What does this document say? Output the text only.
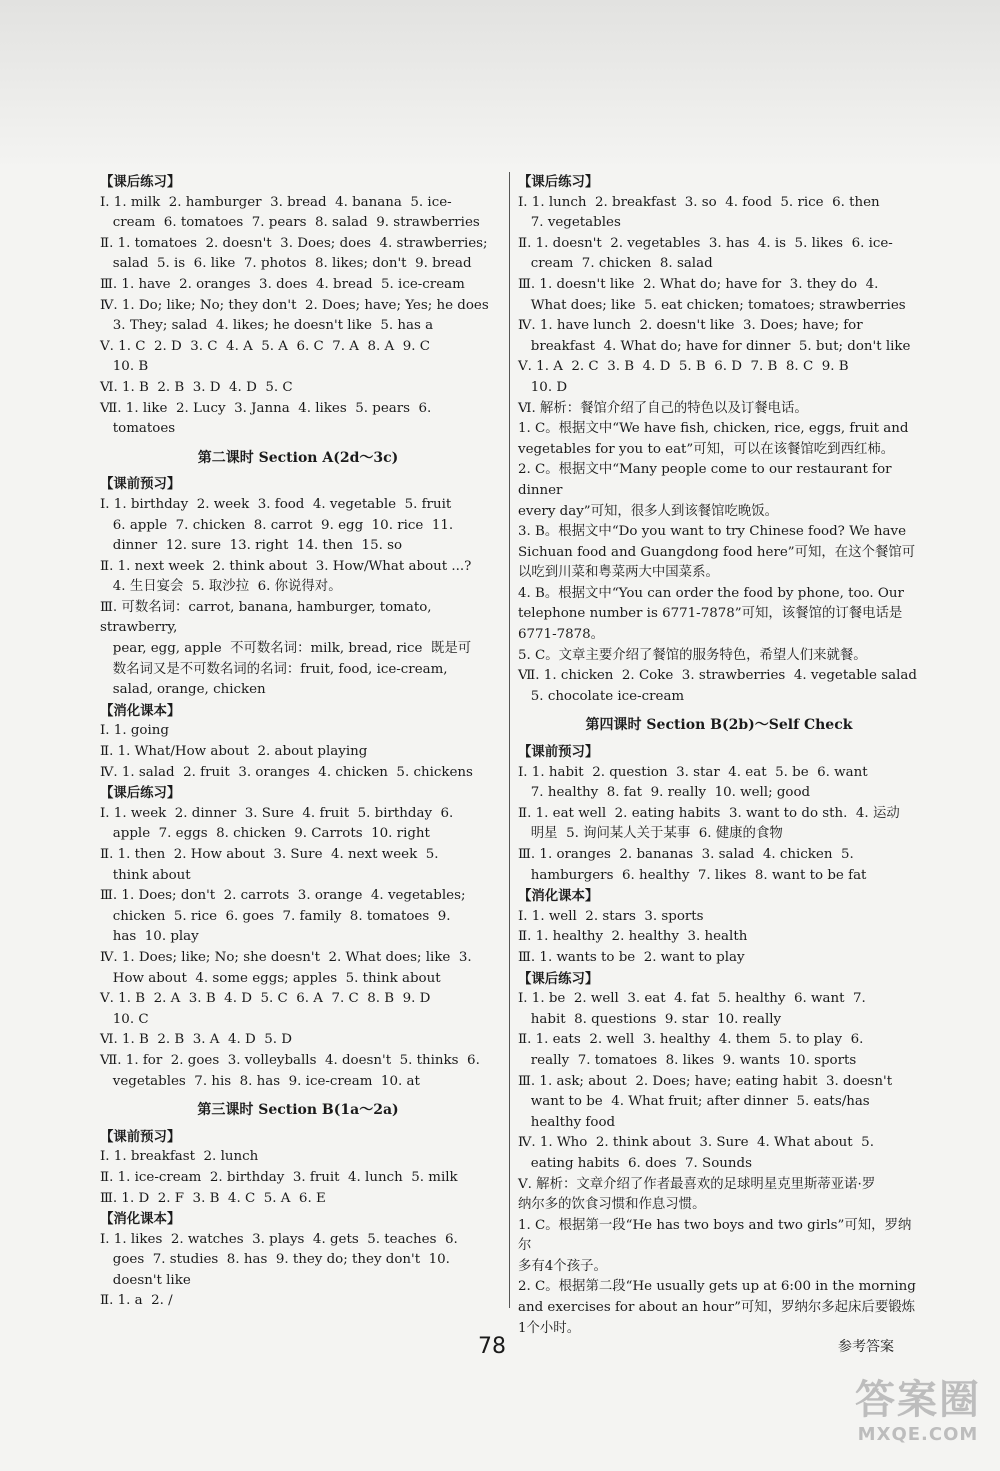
【课后练习】
Ⅰ. 1. milk  2. hamburger  3. bread  4. banana  5. ice-
cream  6. tomatoes  7. pears  8. salad  9. strawberries
Ⅱ. 1. tomatoes  2. doesn't  3. Does; does  4. strawberries;
salad  5. is  6. like  7. photos  8. likes; don't  9. bread
Ⅲ. 1. have  2. oranges  3. does  4. bread  5. ice-cream
Ⅳ. 1. Do; like; No; they don't  2. Does; have; Yes; he does
3. They; salad  4. likes; he doesn't like  5. has a
Ⅴ. 1. C  2. D  3. C  4. A  5. A  6. C  7. A  8. A  9. C
10. B
Ⅵ. 1. B  2. B  3. D  4. D  5. C
Ⅶ. 1. like  2. Lucy  3. Janna  4. likes  5. pears  6.
tomatoes
第二课时 Section A(2d～3c)
【课前预习】
Ⅰ. 1. birthday  2. week  3. food  4. vegetable  5. fruit
6. apple  7. chicken  8. carrot  9. egg  10. rice  11.
dinner  12. sure  13. right  14. then  15. so
Ⅱ. 1. next week  2. think about  3. How/What about ...?
4. 生日宴会  5. 取沙拉  6. 你说得对。
Ⅲ. 可数名词：carrot, banana, hamburger, tomato, strawberry,
pear, egg, apple  不可数名词：milk, bread, rice  既是可
数名词又是不可数名词的名词：fruit, food, ice-cream,
salad, orange, chicken
【消化课本】
Ⅰ. 1. going
Ⅱ. 1. What/How about  2. about playing
Ⅳ. 1. salad  2. fruit  3. oranges  4. chicken  5. chickens
【课后练习】
Ⅰ. 1. week  2. dinner  3. Sure  4. fruit  5. birthday  6.
apple  7. eggs  8. chicken  9. Carrots  10. right
Ⅱ. 1. then  2. How about  3. Sure  4. next week  5.
think about
Ⅲ. 1. Does; don't  2. carrots  3. orange  4. vegetables;
chicken  5. rice  6. goes  7. family  8. tomatoes  9.
has  10. play
Ⅳ. 1. Does; like; No; she doesn't  2. What does; like  3.
How about  4. some eggs; apples  5. think about
Ⅴ. 1. B  2. A  3. B  4. D  5. C  6. A  7. C  8. B  9. D
10. C
Ⅵ. 1. B  2. B  3. A  4. D  5. D
Ⅶ. 1. for  2. goes  3. volleyballs  4. doesn't  5. thinks  6.
vegetables  7. his  8. has  9. ice-cream  10. at
第三课时 Section B(1a～2a)
【课前预习】
Ⅰ. 1. breakfast  2. lunch
Ⅱ. 1. ice-cream  2. birthday  3. fruit  4. lunch  5. milk
Ⅲ. 1. D  2. F  3. B  4. C  5. A  6. E
【消化课本】
Ⅰ. 1. likes  2. watches  3. plays  4. gets  5. teaches  6.
goes  7. studies  8. has  9. they do; they don't  10.
doesn't like
Ⅱ. 1. a  2. /
【课后练习】
Ⅰ. 1. lunch  2. breakfast  3. so  4. food  5. rice  6. then
7. vegetables
Ⅱ. 1. doesn't  2. vegetables  3. has  4. is  5. likes  6. ice-
cream  7. chicken  8. salad
Ⅲ. 1. doesn't like  2. What do; have for  3. they do  4.
What does; like  5. eat chicken; tomatoes; strawberries
Ⅳ. 1. have lunch  2. doesn't like  3. Does; have; for
breakfast  4. What do; have for dinner  5. but; don't like
Ⅴ. 1. A  2. C  3. B  4. D  5. B  6. D  7. B  8. C  9. B
10. D
Ⅵ. 解析：餐馆介绍了自己的特色以及订餐电话。
1. C。根据文中“We have fish, chicken, rice, eggs, fruit and
vegetables for you to eat”可知，可以在该餐馆吃到西红柿。
2. C。根据文中“Many people come to our restaurant for dinner
every day”可知，很多人到该餐馆吃晚饭。
3. B。根据文中“Do you want to try Chinese food? We have
Sichuan food and Guangdong food here”可知，在这个餐馆可
以吃到川菜和粤菜两大中国菜系。
4. B。根据文中“You can order the food by phone, too. Our
telephone number is 6771-7878”可知，该餐馆的订餐电话是
6771-7878。
5. C。文章主要介绍了餐馆的服务特色，希望人们来就餐。
Ⅶ. 1. chicken  2. Coke  3. strawberries  4. vegetable salad
5. chocolate ice-cream
第四课时 Section B(2b)～Self Check
【课前预习】
Ⅰ. 1. habit  2. question  3. star  4. eat  5. be  6. want
7. healthy  8. fat  9. really  10. well; good
Ⅱ. 1. eat well  2. eating habits  3. want to do sth.  4. 运动
明星  5. 询问某人关于某事  6. 健康的食物
Ⅲ. 1. oranges  2. bananas  3. salad  4. chicken  5.
hamburgers  6. healthy  7. likes  8. want to be fat
【消化课本】
Ⅰ. 1. well  2. stars  3. sports
Ⅱ. 1. healthy  2. healthy  3. health
Ⅲ. 1. wants to be  2. want to play
【课后练习】
Ⅰ. 1. be  2. well  3. eat  4. fat  5. healthy  6. want  7.
habit  8. questions  9. star  10. really
Ⅱ. 1. eats  2. well  3. healthy  4. them  5. to play  6.
really  7. tomatoes  8. likes  9. wants  10. sports
Ⅲ. 1. ask; about  2. Does; have; eating habit  3. doesn't
want to be  4. What fruit; after dinner  5. eats/has
healthy food
Ⅳ. 1. Who  2. think about  3. Sure  4. What about  5.
eating habits  6. does  7. Sounds
Ⅴ. 解析：文章介绍了作者最喜欢的足球明星克里斯蒂亚诺·罗
纳尔多的饮食习惯和作息习惯。
1. C。根据第一段“He has two boys and two girls”可知，罗纳尔
多有4个孩子。
2. C。根据第二段“He usually gets up at 6:00 in the morning
and exercises for about an hour”可知，罗纳尔多起床后要锻炼
1个小时。
78	参考答案
答案圈
MXQE.COM
